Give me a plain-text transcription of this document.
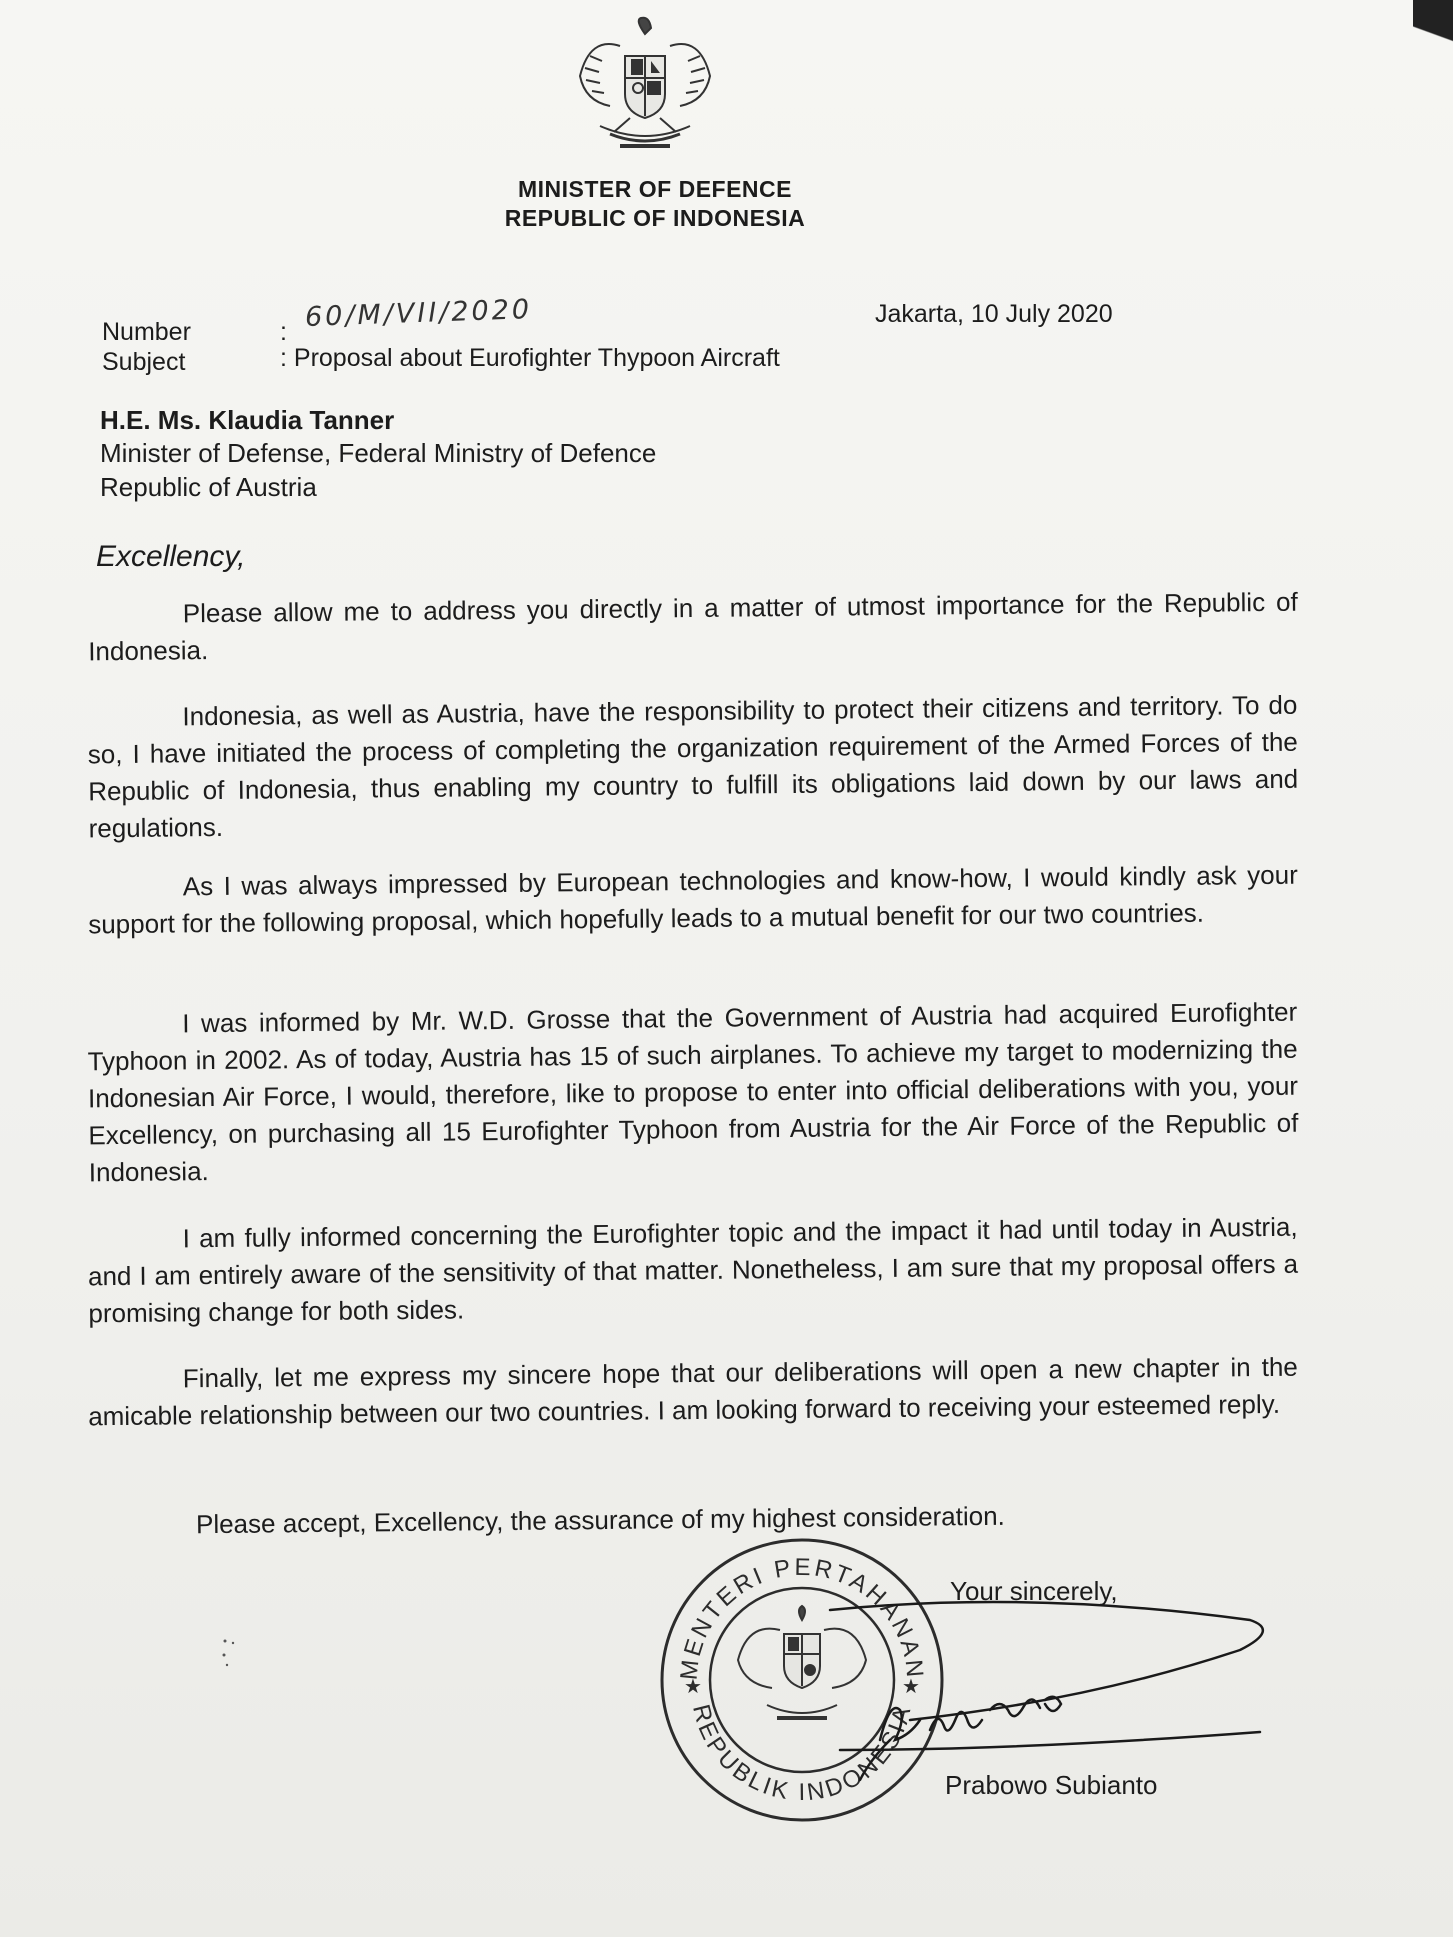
MINISTER OF DEFENCE
REPUBLIC OF INDONESIA
Number	: 60/M/VII/2020	Jakarta, 10 July 2020
Subject	: Proposal about Eurofighter Thypoon Aircraft
H.E. Ms. Klaudia Tanner
Minister of Defense, Federal Ministry of Defence
Republic of Austria
Excellency,
Please allow me to address you directly in a matter of utmost importance for the Republic of Indonesia.
Indonesia, as well as Austria, have the responsibility to protect their citizens and territory. To do so, I have initiated the process of completing the organization requirement of the Armed Forces of the Republic of Indonesia, thus enabling my country to fulfill its obligations laid down by our laws and regulations.
As I was always impressed by European technologies and know-how, I would kindly ask your support for the following proposal, which hopefully leads to a mutual benefit for our two countries.
I was informed by Mr. W.D. Grosse that the Government of Austria had acquired Eurofighter Typhoon in 2002. As of today, Austria has 15 of such airplanes. To achieve my target to modernizing the Indonesian Air Force, I would, therefore, like to propose to enter into official deliberations with you, your Excellency, on purchasing all 15 Eurofighter Typhoon from Austria for the Air Force of the Republic of Indonesia.
I am fully informed concerning the Eurofighter topic and the impact it had until today in Austria, and I am entirely aware of the sensitivity of that matter. Nonetheless, I am sure that my proposal offers a promising change for both sides.
Finally, let me express my sincere hope that our deliberations will open a new chapter in the amicable relationship between our two countries. I am looking forward to receiving your esteemed reply.
Please accept, Excellency, the assurance of my highest consideration.
MENTERI PERTAHANAN
REPUBLIK INDONESIA
★	★
Your sincerely,
Prabowo Subianto
